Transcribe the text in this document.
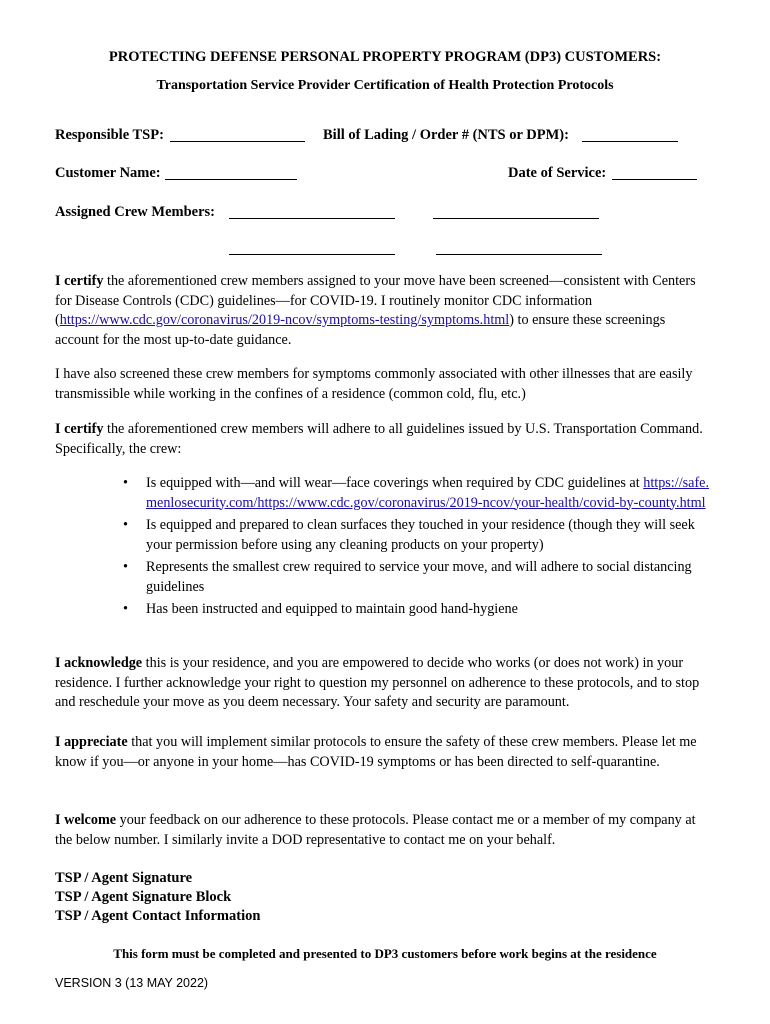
PROTECTING DEFENSE PERSONAL PROPERTY PROGRAM (DP3) CUSTOMERS:
Transportation Service Provider Certification of Health Protection Protocols
Responsible TSP:	Bill of Lading / Order # (NTS or DPM):
Customer Name:	Date of Service:
Assigned Crew Members:
I certify the aforementioned crew members assigned to your move have been screened—consistent with Centers for Disease Controls (CDC) guidelines—for COVID-19. I routinely monitor CDC information (https://www.cdc.gov/coronavirus/2019-ncov/symptoms-testing/symptoms.html) to ensure these screenings account for the most up-to-date guidance.
I have also screened these crew members for symptoms commonly associated with other illnesses that are easily transmissible while working in the confines of a residence (common cold, flu, etc.)
I certify the aforementioned crew members will adhere to all guidelines issued by U.S. Transportation Command. Specifically, the crew:
• Is equipped with—and will wear—face coverings when required by CDC guidelines at https://safe.menlosecurity.com/https://www.cdc.gov/coronavirus/2019-ncov/your-health/covid-by-county.html
• Is equipped and prepared to clean surfaces they touched in your residence (though they will seek your permission before using any cleaning products on your property)
• Represents the smallest crew required to service your move, and will adhere to social distancing guidelines
• Has been instructed and equipped to maintain good hand-hygiene
I acknowledge this is your residence, and you are empowered to decide who works (or does not work) in your residence. I further acknowledge your right to question my personnel on adherence to these protocols, and to stop and reschedule your move as you deem necessary. Your safety and security are paramount.
I appreciate that you will implement similar protocols to ensure the safety of these crew members. Please let me know if you—or anyone in your home—has COVID-19 symptoms or has been directed to self-quarantine.
I welcome your feedback on our adherence to these protocols. Please contact me or a member of my company at the below number. I similarly invite a DOD representative to contact me on your behalf.
TSP / Agent Signature
TSP / Agent Signature Block
TSP / Agent Contact Information
This form must be completed and presented to DP3 customers before work begins at the residence
VERSION 3 (13 MAY 2022)
